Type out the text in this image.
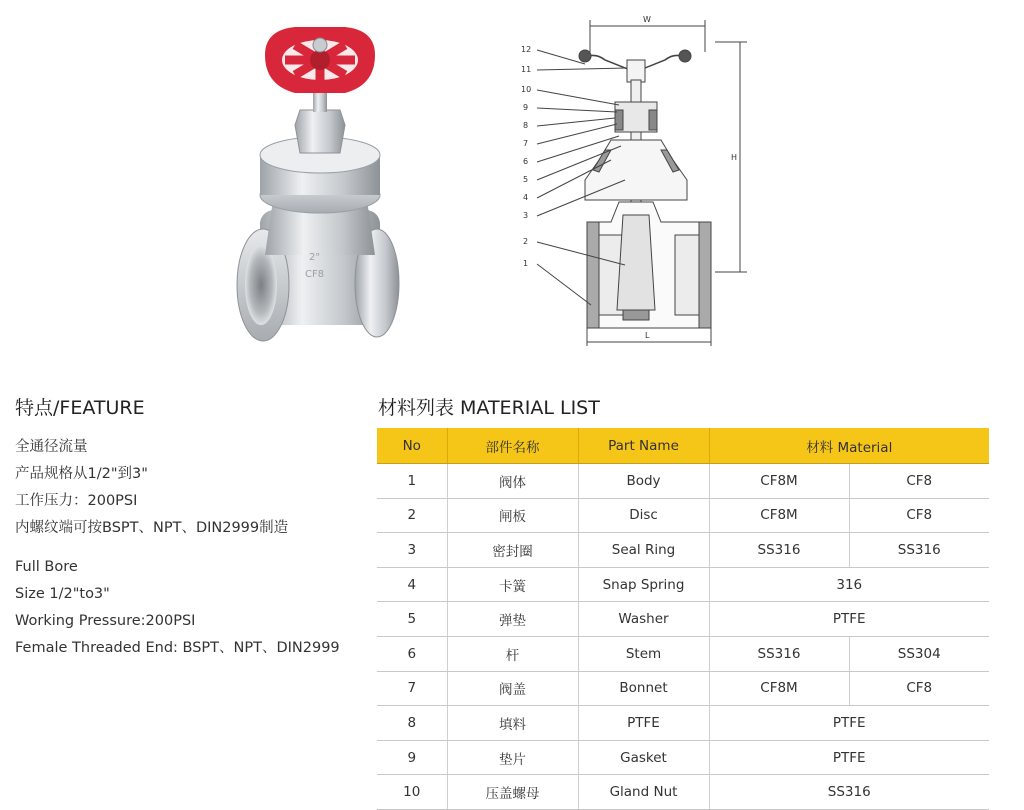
2"
CF8
W
H
L
12
11
10
9
8
7
6
5
4
3
2
1
特点/FEATURE
全通径流量
产品规格从1/2"到3"
工作压力：200PSI
内螺纹端可按BSPT、NPT、DIN2999制造
Full Bore
Size 1/2"to3"
Working Pressure:200PSI
Female Threaded End: BSPT、NPT、DIN2999
材料列表 MATERIAL LIST
No	部件名称	Part Name	材料 Material	
1	阀体	Body	CF8M	CF8
2	闸板	Disc	CF8M	CF8
3	密封圈	Seal Ring	SS316	SS316
4	卡簧	Snap Spring	316	
5	弹垫	Washer	PTFE	
6	杆	Stem	SS316	SS304
7	阀盖	Bonnet	CF8M	CF8
8	填料	PTFE	PTFE	
9	垫片	Gasket	PTFE	
10	压盖螺母	Gland Nut	SS316	
